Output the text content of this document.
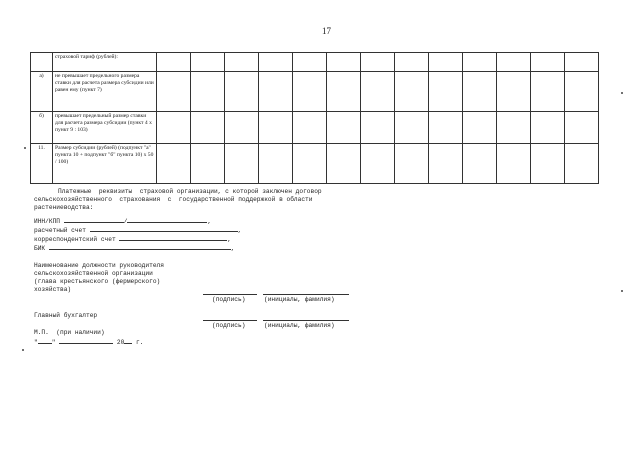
17
	страховой тариф (рублей):													
а)	не превышает предельного размера ставки для расчета размера субсидии или равен ему (пункт 7)													
б)	превышает предельный размер ставки для расчета размера субсидии (пункт 4 х пункт 9 : 103)													
11.	Размер субсидии (рублей) (подпункт "а" пункта 10 + подпункт "б" пункта 10) х 50 / 100)													
Платежные  реквизиты  страховой организации, с которой заключен договор
сельскохозяйственного  страхования  с  государственной поддержкой в области
растениеводства:
ИНН/КПП	/	,
расчетный счет	,
корреспондентский счет	,
БИК	,
Наименование должности руководителя
сельскохозяйственной организации
(глава крестьянского (фермерского)
хозяйства)
(подпись)	(инициалы, фамилия)
Главный бухгалтер
(подпись)	(инициалы, фамилия)
М.П.  (при наличии)
" "	20 г.
